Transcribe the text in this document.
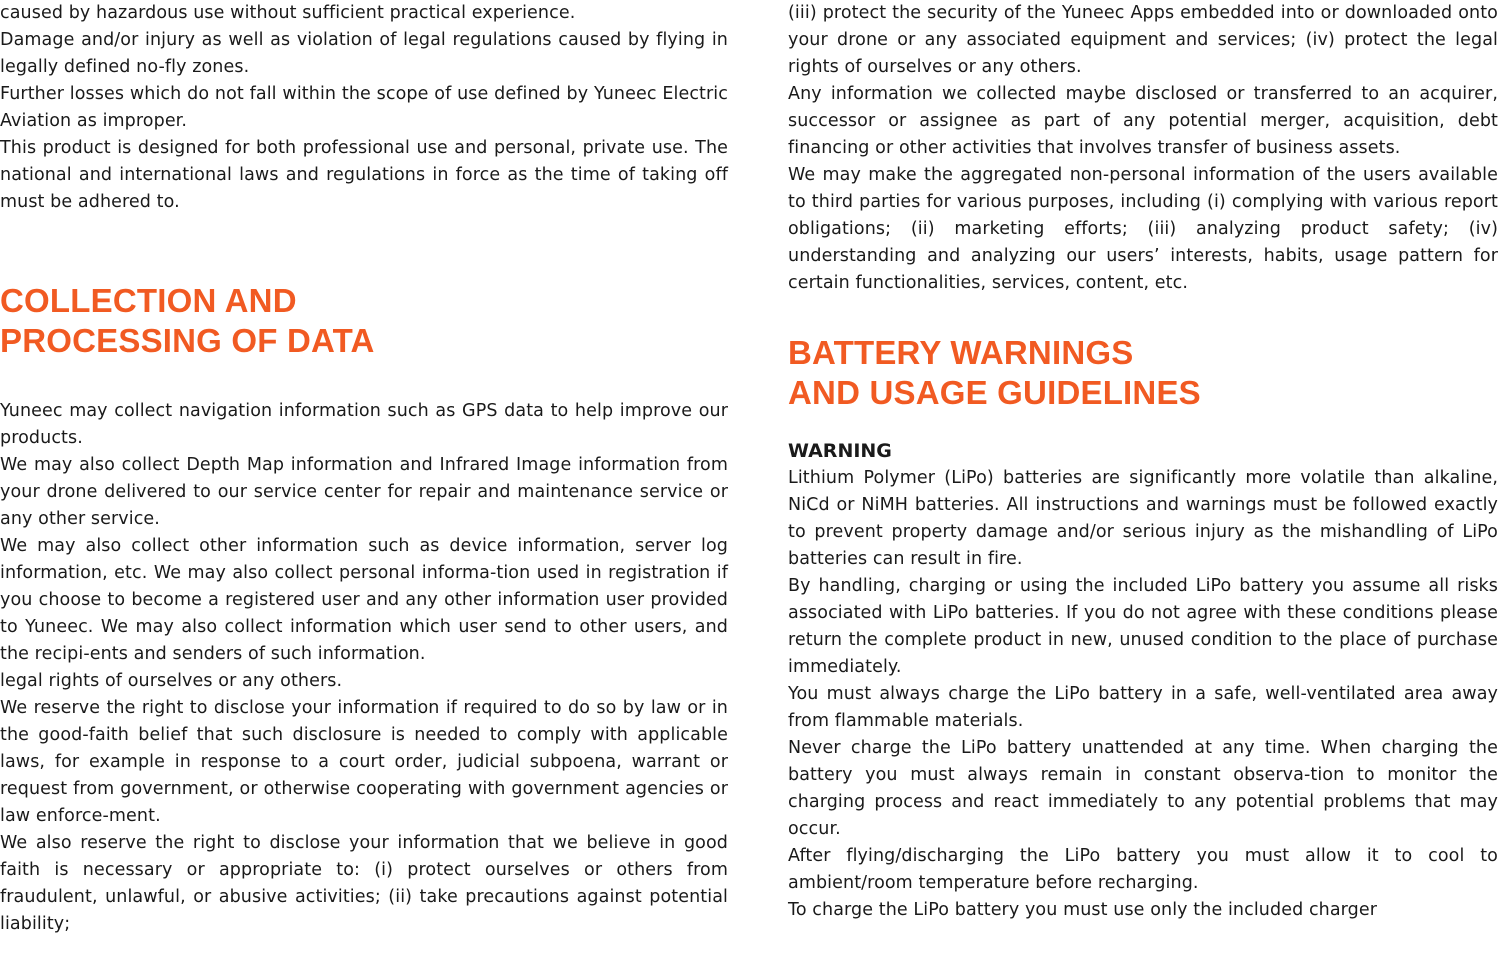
caused by hazardous use without sufficient practical experience.

Damage and/or injury as well as violation of legal regulations caused by flying in legally defined no-fly zones.

Further losses which do not fall within the scope of use defined by Yuneec Electric Aviation as improper.

This product is designed for both professional use and personal, private use. The national and international laws and regulations in force as the time of taking off must be adhered to.

COLLECTION AND
PROCESSING OF DATA

Yuneec may collect navigation information such as GPS data to help improve our products.

We may also collect Depth Map information and Infrared Image information from your drone delivered to our service center for repair and maintenance service or any other service.

We may also collect other information such as device information, server log information, etc. We may also collect personal informa-tion used in registration if you choose to become a registered user and any other information user provided to Yuneec. We may also collect information which user send to other users, and the recipi-ents and senders of such information.

legal rights of ourselves or any others.

We reserve the right to disclose your information if required to do so by law or in the good-faith belief that such disclosure is needed to comply with applicable laws, for example in response to a court order, judicial subpoena, warrant or request from government, or otherwise cooperating with government agencies or law enforce-ment.

We also reserve the right to disclose your information that we believe in good faith is necessary or appropriate to: (i) protect ourselves or others from fraudulent, unlawful, or abusive activities; (ii) take precautions against potential liability;

(iii) protect the security of the Yuneec Apps embedded into or downloaded onto your drone or any associated equipment and services; (iv) protect the legal rights of ourselves or any others.

Any information we collected maybe disclosed or transferred to an acquirer, successor or assignee as part of any potential merger, acquisition, debt financing or other activities that involves transfer of business assets.

We may make the aggregated non-personal information of the users available to third parties for various purposes, including (i) complying with various report obligations; (ii) marketing efforts; (iii) analyzing product safety; (iv) understanding and analyzing our users’ interests, habits, usage pattern for certain functionalities, services, content, etc.

BATTERY WARNINGS
AND USAGE GUIDELINES
WARNING

Lithium Polymer (LiPo) batteries are significantly more volatile than alkaline, NiCd or NiMH batteries. All instructions and warnings must be followed exactly to prevent property damage and/or serious injury as the mishandling of LiPo batteries can result in fire.

By handling, charging or using the included LiPo battery you assume all risks associated with LiPo batteries. If you do not agree with these conditions please return the complete product in new, unused condition to the place of purchase immediately.

You must always charge the LiPo battery in a safe, well-ventilated area away from flammable materials.

Never charge the LiPo battery unattended at any time. When charging the battery you must always remain in constant observa-tion to monitor the charging process and react immediately to any potential problems that may occur.

After flying/discharging the LiPo battery you must allow it to cool to ambient/room temperature before recharging.

To charge the LiPo battery you must use only the included charger
